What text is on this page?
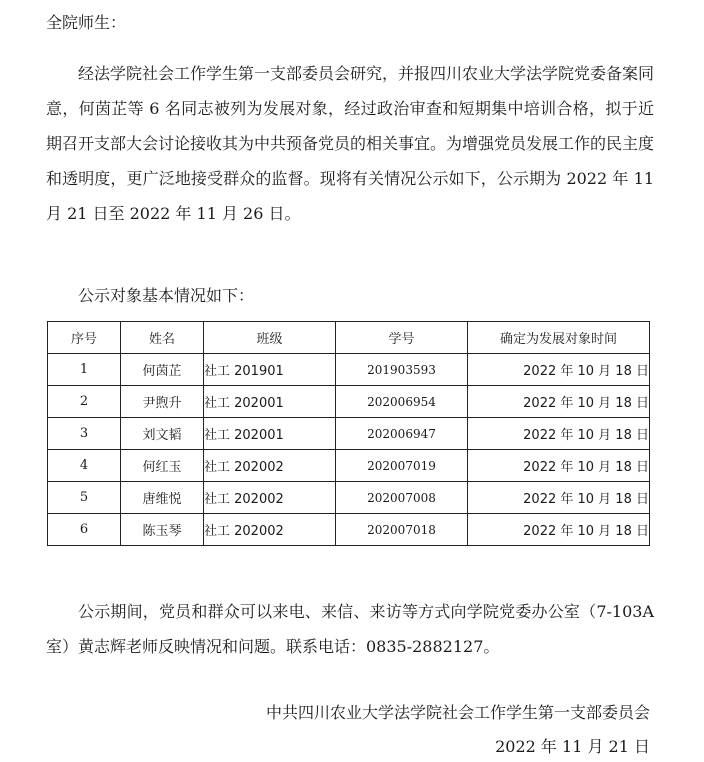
全院师生：
经法学院社会工作学生第一支部委员会研究，并报四川农业大学法学院党委备案同意，何茵芷等 6 名同志被列为发展对象，经过政治审查和短期集中培训合格，拟于近期召开支部大会讨论接收其为中共预备党员的相关事宜。为增强党员发展工作的民主度和透明度，更广泛地接受群众的监督。现将有关情况公示如下，公示期为 2022 年 11 月 21 日至 2022 年 11 月 26 日。
公示对象基本情况如下：
序号	姓名	班级	学号	确定为发展对象时间
1	何茵芷	社工 201901	201903593	2022 年 10 月 18 日
2	尹煦升	社工 202001	202006954	2022 年 10 月 18 日
3	刘文韬	社工 202001	202006947	2022 年 10 月 18 日
4	何红玉	社工 202002	202007019	2022 年 10 月 18 日
5	唐维悦	社工 202002	202007008	2022 年 10 月 18 日
6	陈玉琴	社工 202002	202007018	2022 年 10 月 18 日
公示期间，党员和群众可以来电、来信、来访等方式向学院党委办公室（7-103A 室）黄志辉老师反映情况和问题。联系电话：0835-2882127。
中共四川农业大学法学院社会工作学生第一支部委员会
2022 年 11 月 21 日
